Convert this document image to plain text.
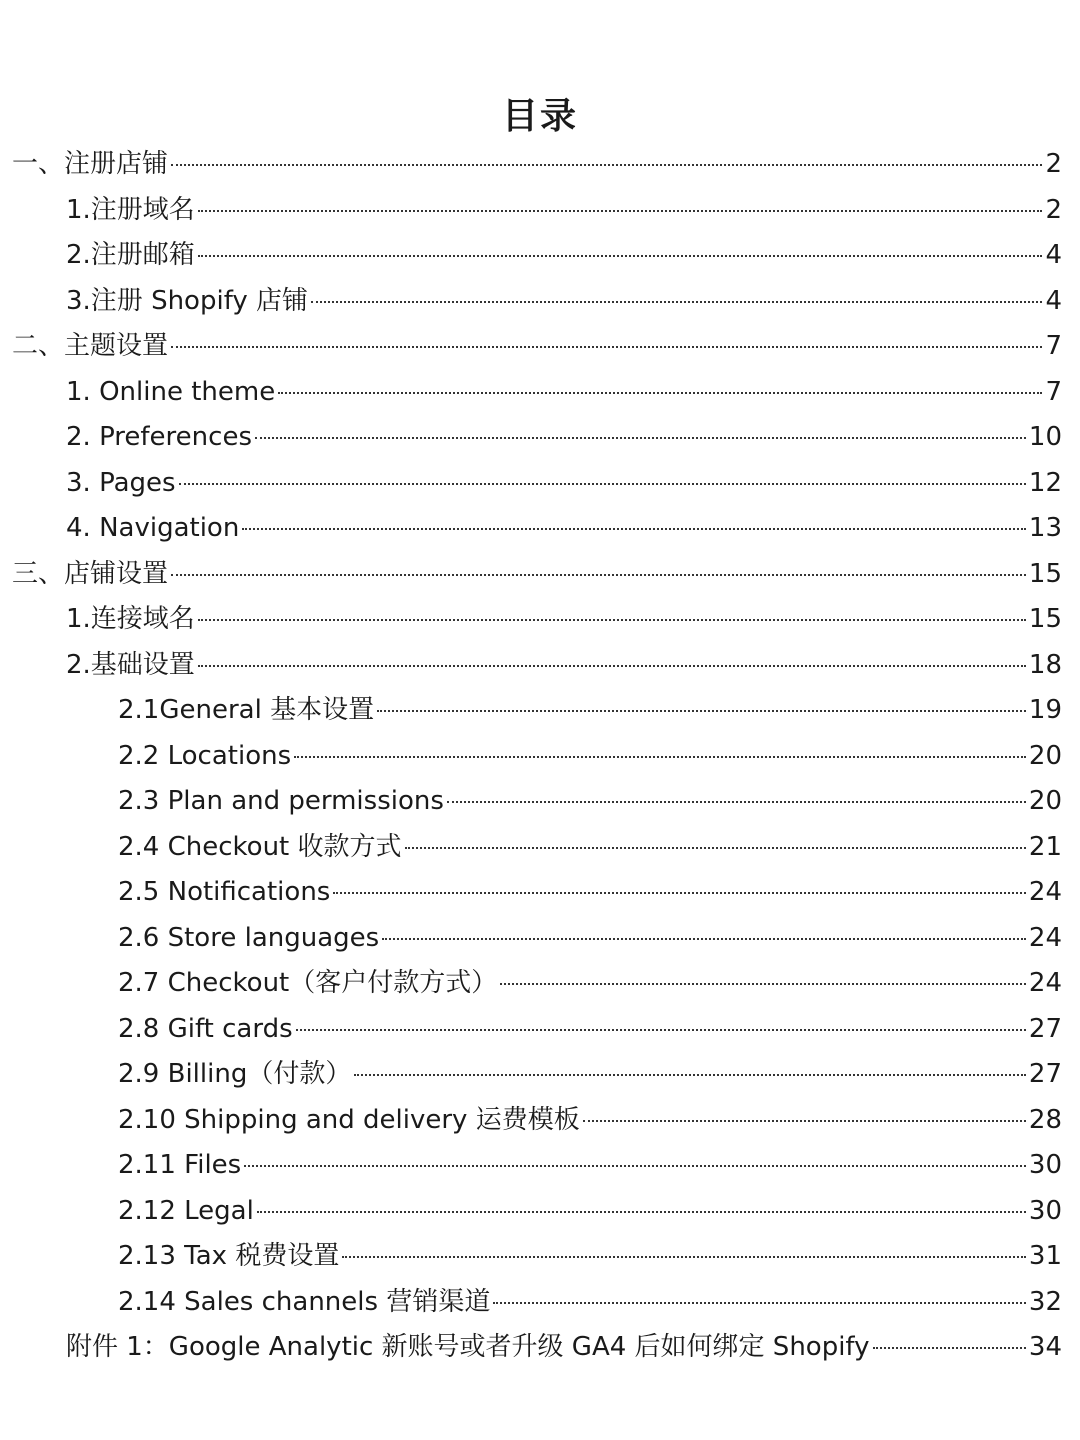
目录
一、注册店铺	2
1.注册域名	2
2.注册邮箱	4
3.注册 Shopify 店铺	4
二、主题设置	7
1. Online theme	7
2. Preferences	10
3. Pages	12
4. Navigation	13
三、店铺设置	15
1.连接域名	15
2.基础设置	18
2.1General 基本设置	19
2.2 Locations	20
2.3 Plan and permissions	20
2.4 Checkout 收款方式	21
2.5 Notifications	24
2.6 Store languages	24
2.7 Checkout（客户付款方式）	24
2.8 Gift cards	27
2.9 Billing（付款）	27
2.10 Shipping and delivery 运费模板	28
2.11 Files	30
2.12 Legal	30
2.13 Tax 税费设置	31
2.14 Sales channels 营销渠道	32
附件 1：Google Analytic 新账号或者升级 GA4 后如何绑定 Shopify	34
